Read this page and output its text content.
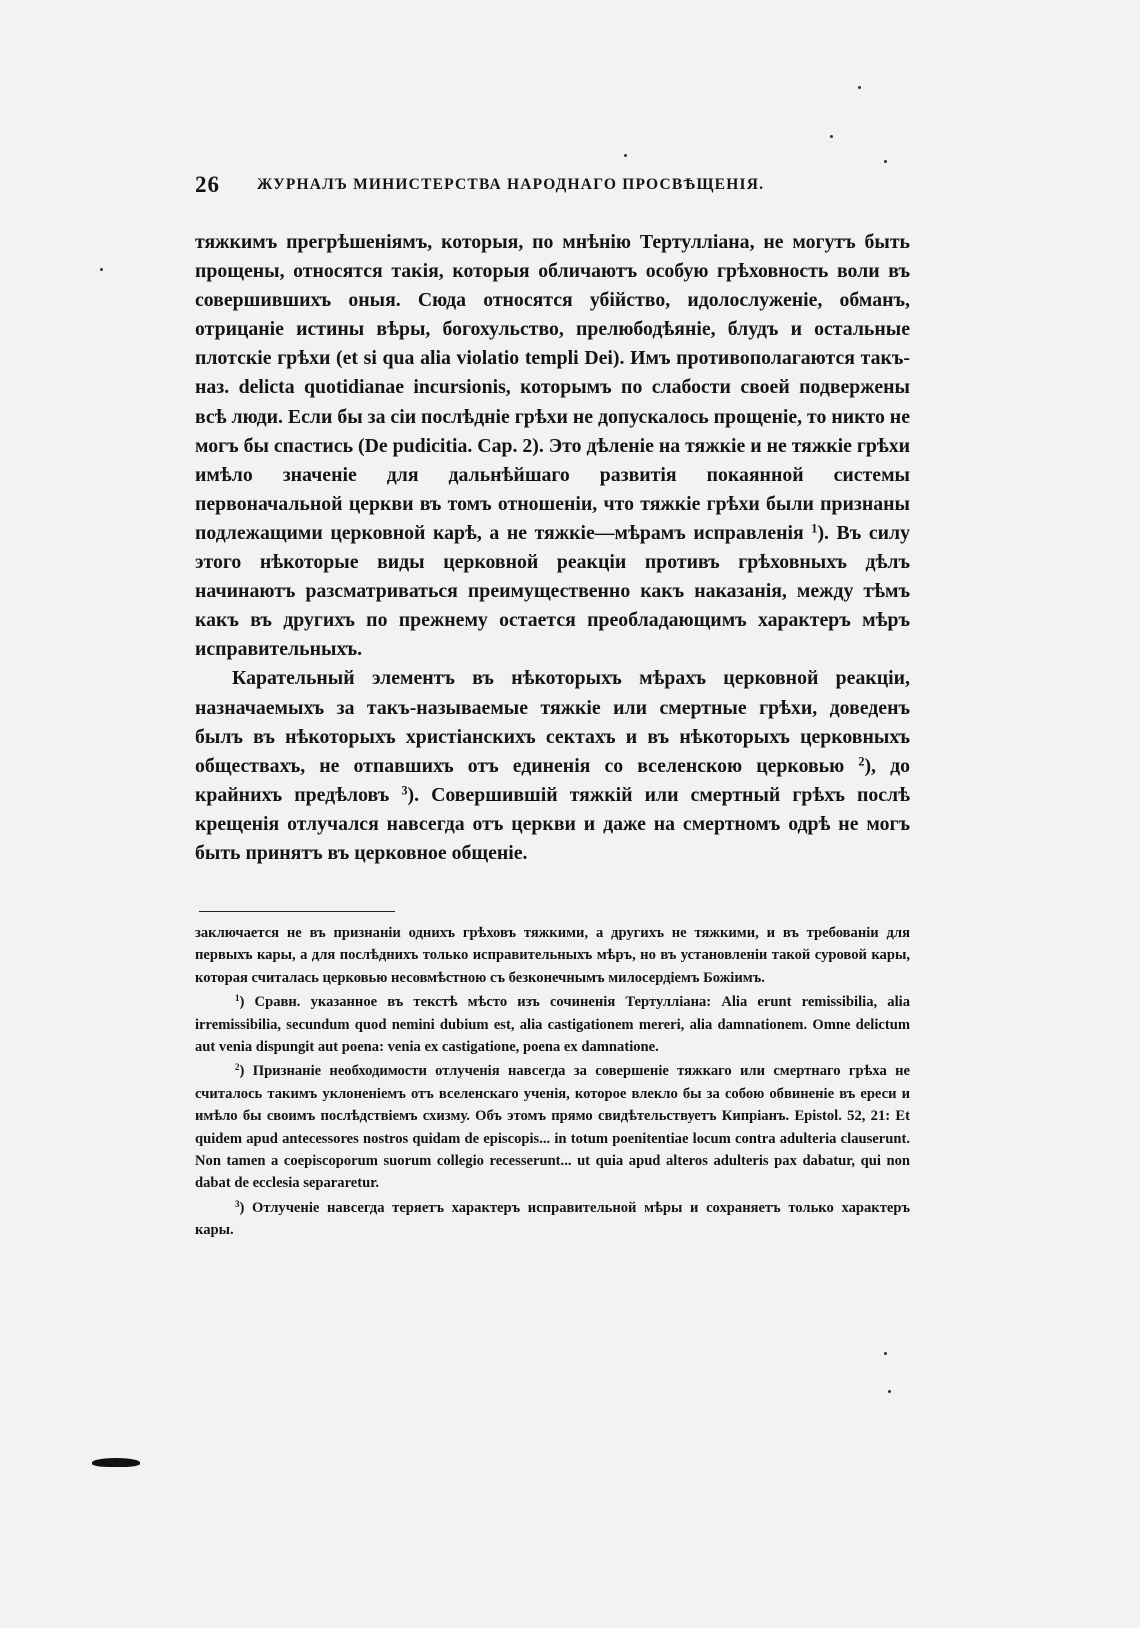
26 ЖУРНАЛЪ МИНИСТЕРСТВА НАРОДНАГО ПРОСВѢЩЕНІЯ.

тяжкимъ прегрѣшеніямъ, которыя, по мнѣнію Тертулліана, не могутъ быть прощены, относятся такія, которыя обличаютъ особую грѣховность воли въ совершившихъ оныя. Сюда относятся убійство, идолослуженіе, обманъ, отрицаніе истины вѣры, богохульство, прелюбодѣяніе, блудъ и остальные плотскіе грѣхи (et si qua alia violatio templi Dei). Имъ противополагаются такъ-наз. delicta quotidianae incursionis, которымъ по слабости своей подвержены всѣ люди. Если бы за сіи послѣдніе грѣхи не допускалось прощеніе, то никто не могъ бы спастись (De pudicitia. Cap. 2). Это дѣленіе на тяжкіе и не тяжкіе грѣхи имѣло значеніе для дальнѣйшаго развитія покаянной системы первоначальной церкви въ томъ отношеніи, что тяжкіе грѣхи были признаны подлежащими церковной карѣ, а не тяжкіе—мѣрамъ исправленія $^1$). Въ силу этого нѣкоторые виды церковной реакціи противъ грѣховныхъ дѣлъ начинаютъ разсматриваться преимущественно какъ наказанія, между тѣмъ какъ въ другихъ по прежнему остается преобладающимъ характеръ мѣръ исправительныхъ.

Карательный элементъ въ нѣкоторыхъ мѣрахъ церковной реакціи, назначаемыхъ за такъ-называемые тяжкіе или смертные грѣхи, доведенъ былъ въ нѣкоторыхъ христіанскихъ сектахъ и въ нѣкоторыхъ церковныхъ обществахъ, не отпавшихъ отъ единенія со вселенскою церковью $^2$), до крайнихъ предѣловъ $^3$). Совершившій тяжкій или смертный грѣхъ послѣ крещенія отлучался навсегда отъ церкви и даже на смертномъ одрѣ не могъ быть принятъ въ церковное общеніе.

заключается не въ признаніи однихъ грѣховъ тяжкими, а другихъ не тяжкими, и въ требованіи для первыхъ кары, а для послѣднихъ только исправительныхъ мѣръ, но въ установленіи такой суровой кары, которая считалась церковью несовмѣстною съ безконечнымъ милосердіемъ Божіимъ.

$^1$) Сравн. указанное въ текстѣ мѣсто изъ сочиненія Тертулліана: Alia erunt remissibilia, alia irremissibilia, secundum quod nemini dubium est, alia castigationem mereri, alia damnationem. Omne delictum aut venia dispungit aut poena: venia ex castigatione, poena ex damnatione.

$^2$) Признаніе необходимости отлученія навсегда за совершеніе тяжкаго или смертнаго грѣха не считалось такимъ уклоненіемъ отъ вселенскаго ученія, которое влекло бы за собою обвиненіе въ ереси и имѣло бы своимъ послѣдствіемъ схизму. Объ этомъ прямо свидѣтельствуетъ Кипріанъ. Epistol. 52, 21: Et quidem apud antecessores nostros quidam de episcopis... in totum poenitentiae locum contra adulteria clauserunt. Non tamen a coepiscoporum suorum collegio recesserunt... ut quia apud alteros adulteris pax dabatur, qui non dabat de ecclesia separaretur.

$^3$) Отлученіе навсегда теряетъ характеръ исправительной мѣры и сохраняетъ только характеръ кары.
